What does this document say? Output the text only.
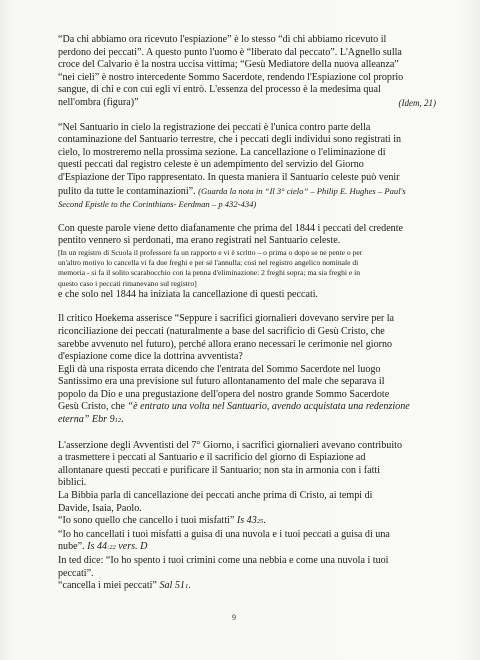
“Da chi abbiamo ora ricevuto l'espiazione” è lo stesso “di chi abbiamo ricevuto il
perdono dei peccati”. A questo punto l'uomo è “liberato dal peccato”. L'Agnello sulla
croce del Calvario è la nostra uccisa vittima; “Gesù Mediatore della nuova alleanza”
“nei cieli” è nostro intercedente Sommo Sacerdote, rendendo l'Espiazione col proprio
sangue, di chi e con cui egli vi entrò. L'essenza del processo è la medesima qual
nell'ombra (figura)”	(Idem, 21)
“Nel Santuario in cielo la registrazione dei peccati è l'unica contro parte della
contaminazione del Santuario terrestre, che i peccati degli individui sono registrati in
cielo, lo mostreremo nella prossima sezione. La cancellazione o l'eliminazione di
questi peccati dal registro celeste è un adempimento del servizio del Giorno
d'Espiazione der Tipo rappresentato. In questa maniera il Santuario celeste può venir
pulito da tutte le contaminazioni”. (Guarda la nota in “Il 3° cielo” – Philip E. Hughes – Paul's
Second Epistle to the Corinthians- Eerdman – p 432-434)
Con queste parole viene detto diafanamente che prima del 1844 i peccati del credente
pentito vennero sì perdonati, ma erano registrati nel Santuario celeste.
[In un registro di Scuola il professore fa un rapporto e vi è scritto – o prima o dopo se ne pente o per
un'altro motivo lo cancella vi fa due freghi e per sé l'annulla; così nel registro angelico nominale di
memoria - si fa il solito scarabocchio con la penna d'eliminazione: 2 freghi sopra; ma sia freghi e in
questo caso i peccati rimanevano sul registro]
e che solo nel 1844 ha iniziata la cancellazione di questi peccati.
Il critico Hoekema asserisce “Seppure i sacrifici giornalieri dovevano servire per la
riconciliazione dei peccati (naturalmente a base del sacrificio di Gesù Cristo, che
sarebbe avvenuto nel futuro), perché allora erano necessari le cerimonie nel giorno
d'espiazione come dice la dottrina avventista?
Egli dà una risposta errata dicendo che l'entrata del Sommo Sacerdote nel luogo
Santissimo era una previsione sul futuro allontanamento del male che separava il
popolo da Dio e una pregustazione dell'opera del nostro grande Sommo Sacerdote
Gesù Cristo, che “è entrato una volta nel Santuario, avendo acquistata una redenzione
eterna” Ebr 912.
L'asserzione degli Avventisti del 7° Giorno, i sacrifici giornalieri avevano contribuito
a trasmettere i peccati al Santuario e il sacrificio del giorno di Espiazione ad
allontanare questi peccati e purificare il Santuario; non sta in armonia con i fatti
biblici.
La Bibbia parla di cancellazione dei peccati anche prima di Cristo, ai tempi di
Davide, Isaia, Paolo.
“Io sono quello che cancello i tuoi misfatti” Is 4325.
“Io ho cancellati i tuoi misfatti a guisa di una nuvola e i tuoi peccati a guisa di una
nube”. Is 44:22 vers. D
In ted dice: “Io ho spento i tuoi crimini come una nebbia e come una nuvola i tuoi
peccati”.
“cancella i miei peccati” Sal 511.
9
